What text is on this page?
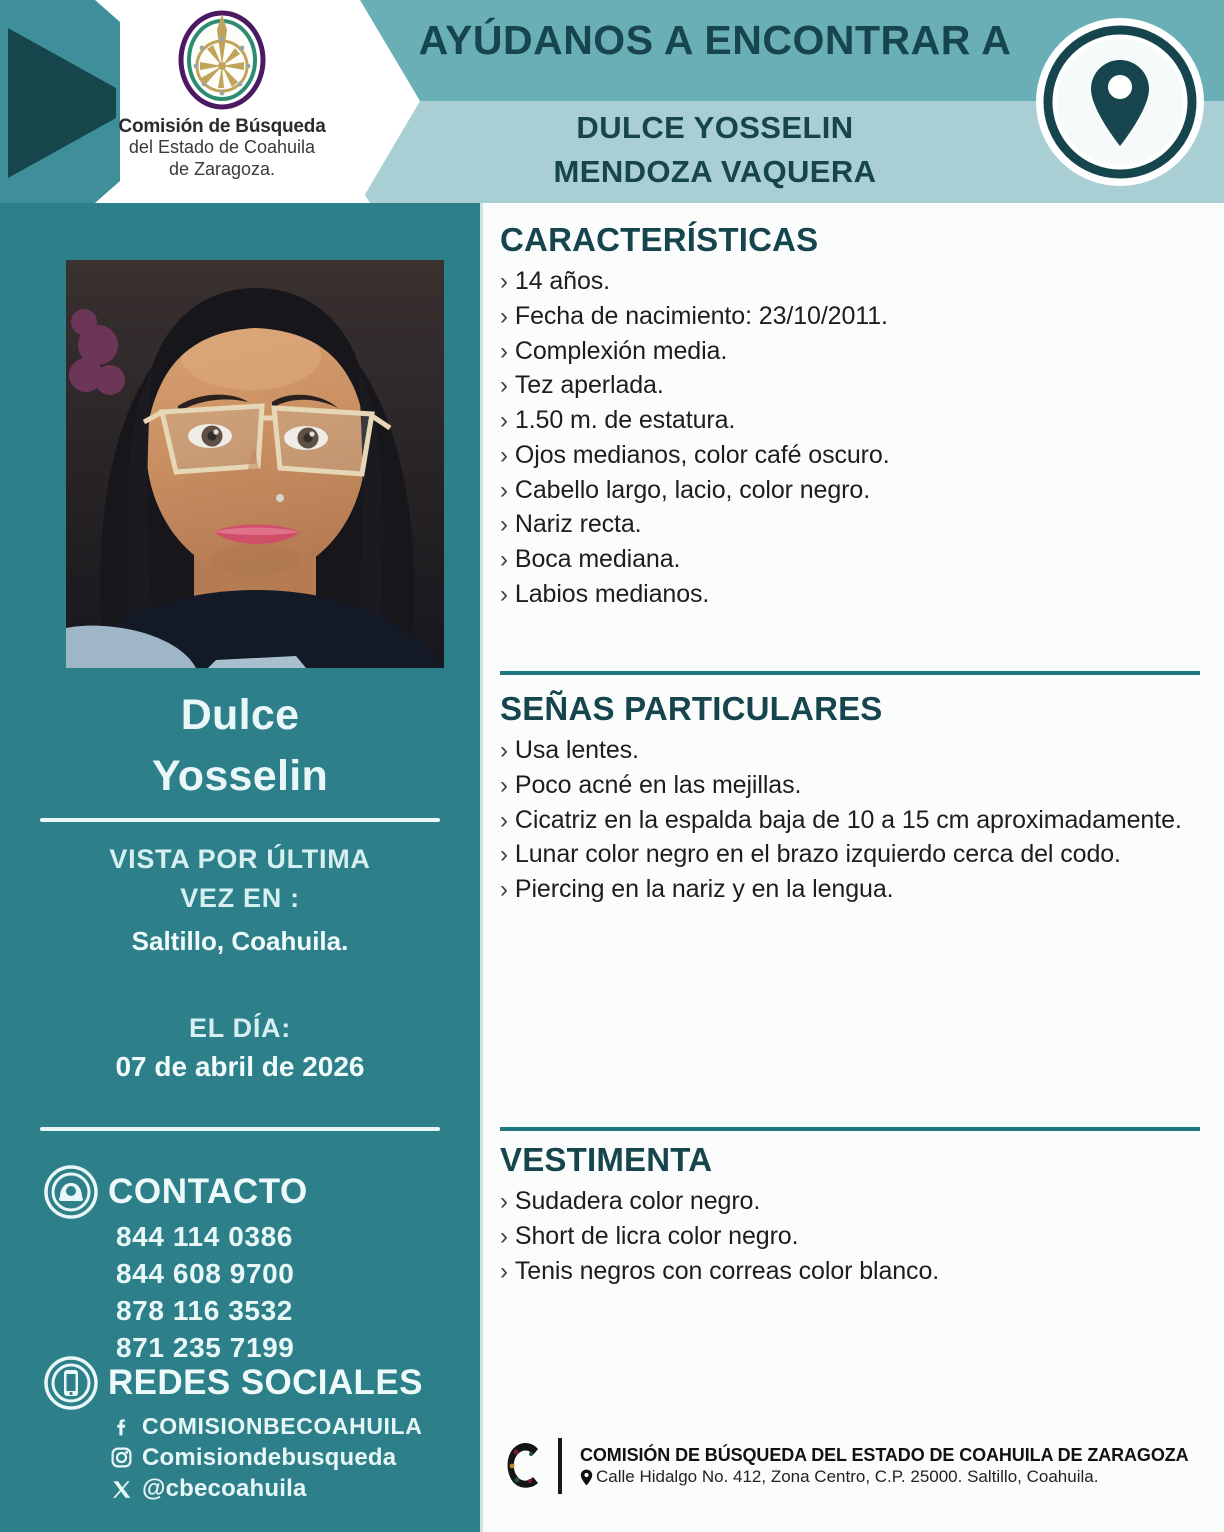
Comisión de Búsqueda
del Estado de Coahuila
de Zaragoza.
AYÚDANOS A ENCONTRAR A
DULCE YOSSELIN
MENDOZA VAQUERA
Dulce
Yosselin
VISTA POR ÚLTIMA
VEZ EN :
Saltillo, Coahuila.
EL DÍA:
07 de abril de 2026
CONTACTO
844 114 0386
844 608 9700
878 116 3532
871 235 7199
REDES SOCIALES
COMISIONBECOAHUILA
Comisiondebusqueda
@cbecoahuila
CARACTERÍSTICAS
› 14 años.
› Fecha de nacimiento: 23/10/2011.
› Complexión media.
› Tez aperlada.
› 1.50 m. de estatura.
› Ojos medianos, color café oscuro.
› Cabello largo, lacio, color negro.
› Nariz recta.
› Boca mediana.
› Labios medianos.
SEÑAS PARTICULARES
› Usa lentes.
› Poco acné en las mejillas.
› Cicatriz en la espalda baja de 10 a 15 cm aproximadamente.
› Lunar color negro en el brazo izquierdo cerca del codo.
› Piercing en la nariz y en la lengua.
VESTIMENTA
› Sudadera color negro.
› Short de licra color negro.
› Tenis negros con correas color blanco.
COMISIÓN DE BÚSQUEDA DEL ESTADO DE COAHUILA DE ZARAGOZA
Calle Hidalgo No. 412, Zona Centro, C.P. 25000. Saltillo, Coahuila.
